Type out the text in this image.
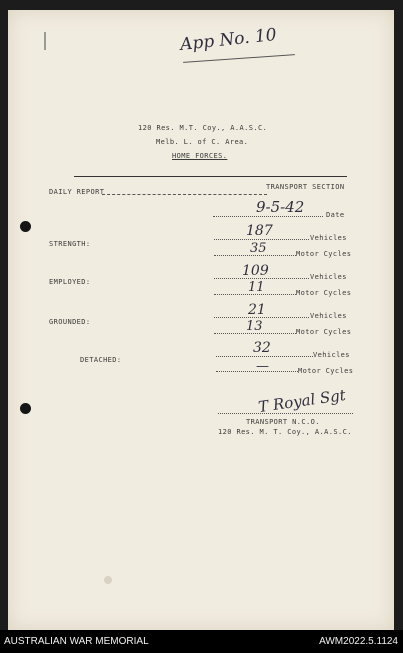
App No. 10
120 Res. M.T. Coy., A.A.S.C.
Melb. L. of C. Area.
HOME FORCES.
DAILY REPORT
TRANSPORT SECTION
9-5-42	Date
STRENGTH:
187	Vehicles
35	Motor Cycles
EMPLOYED:
109	Vehicles
11	Motor Cycles
GROUNDED:
21	Vehicles
13	Motor Cycles
DETACHED:
32	Vehicles
—	Motor Cycles
T Royal Sgt
TRANSPORT N.C.O.
120 Res. M. T. Coy., A.A.S.C.
AUSTRALIAN WAR MEMORIAL	AWM2022.5.1124
